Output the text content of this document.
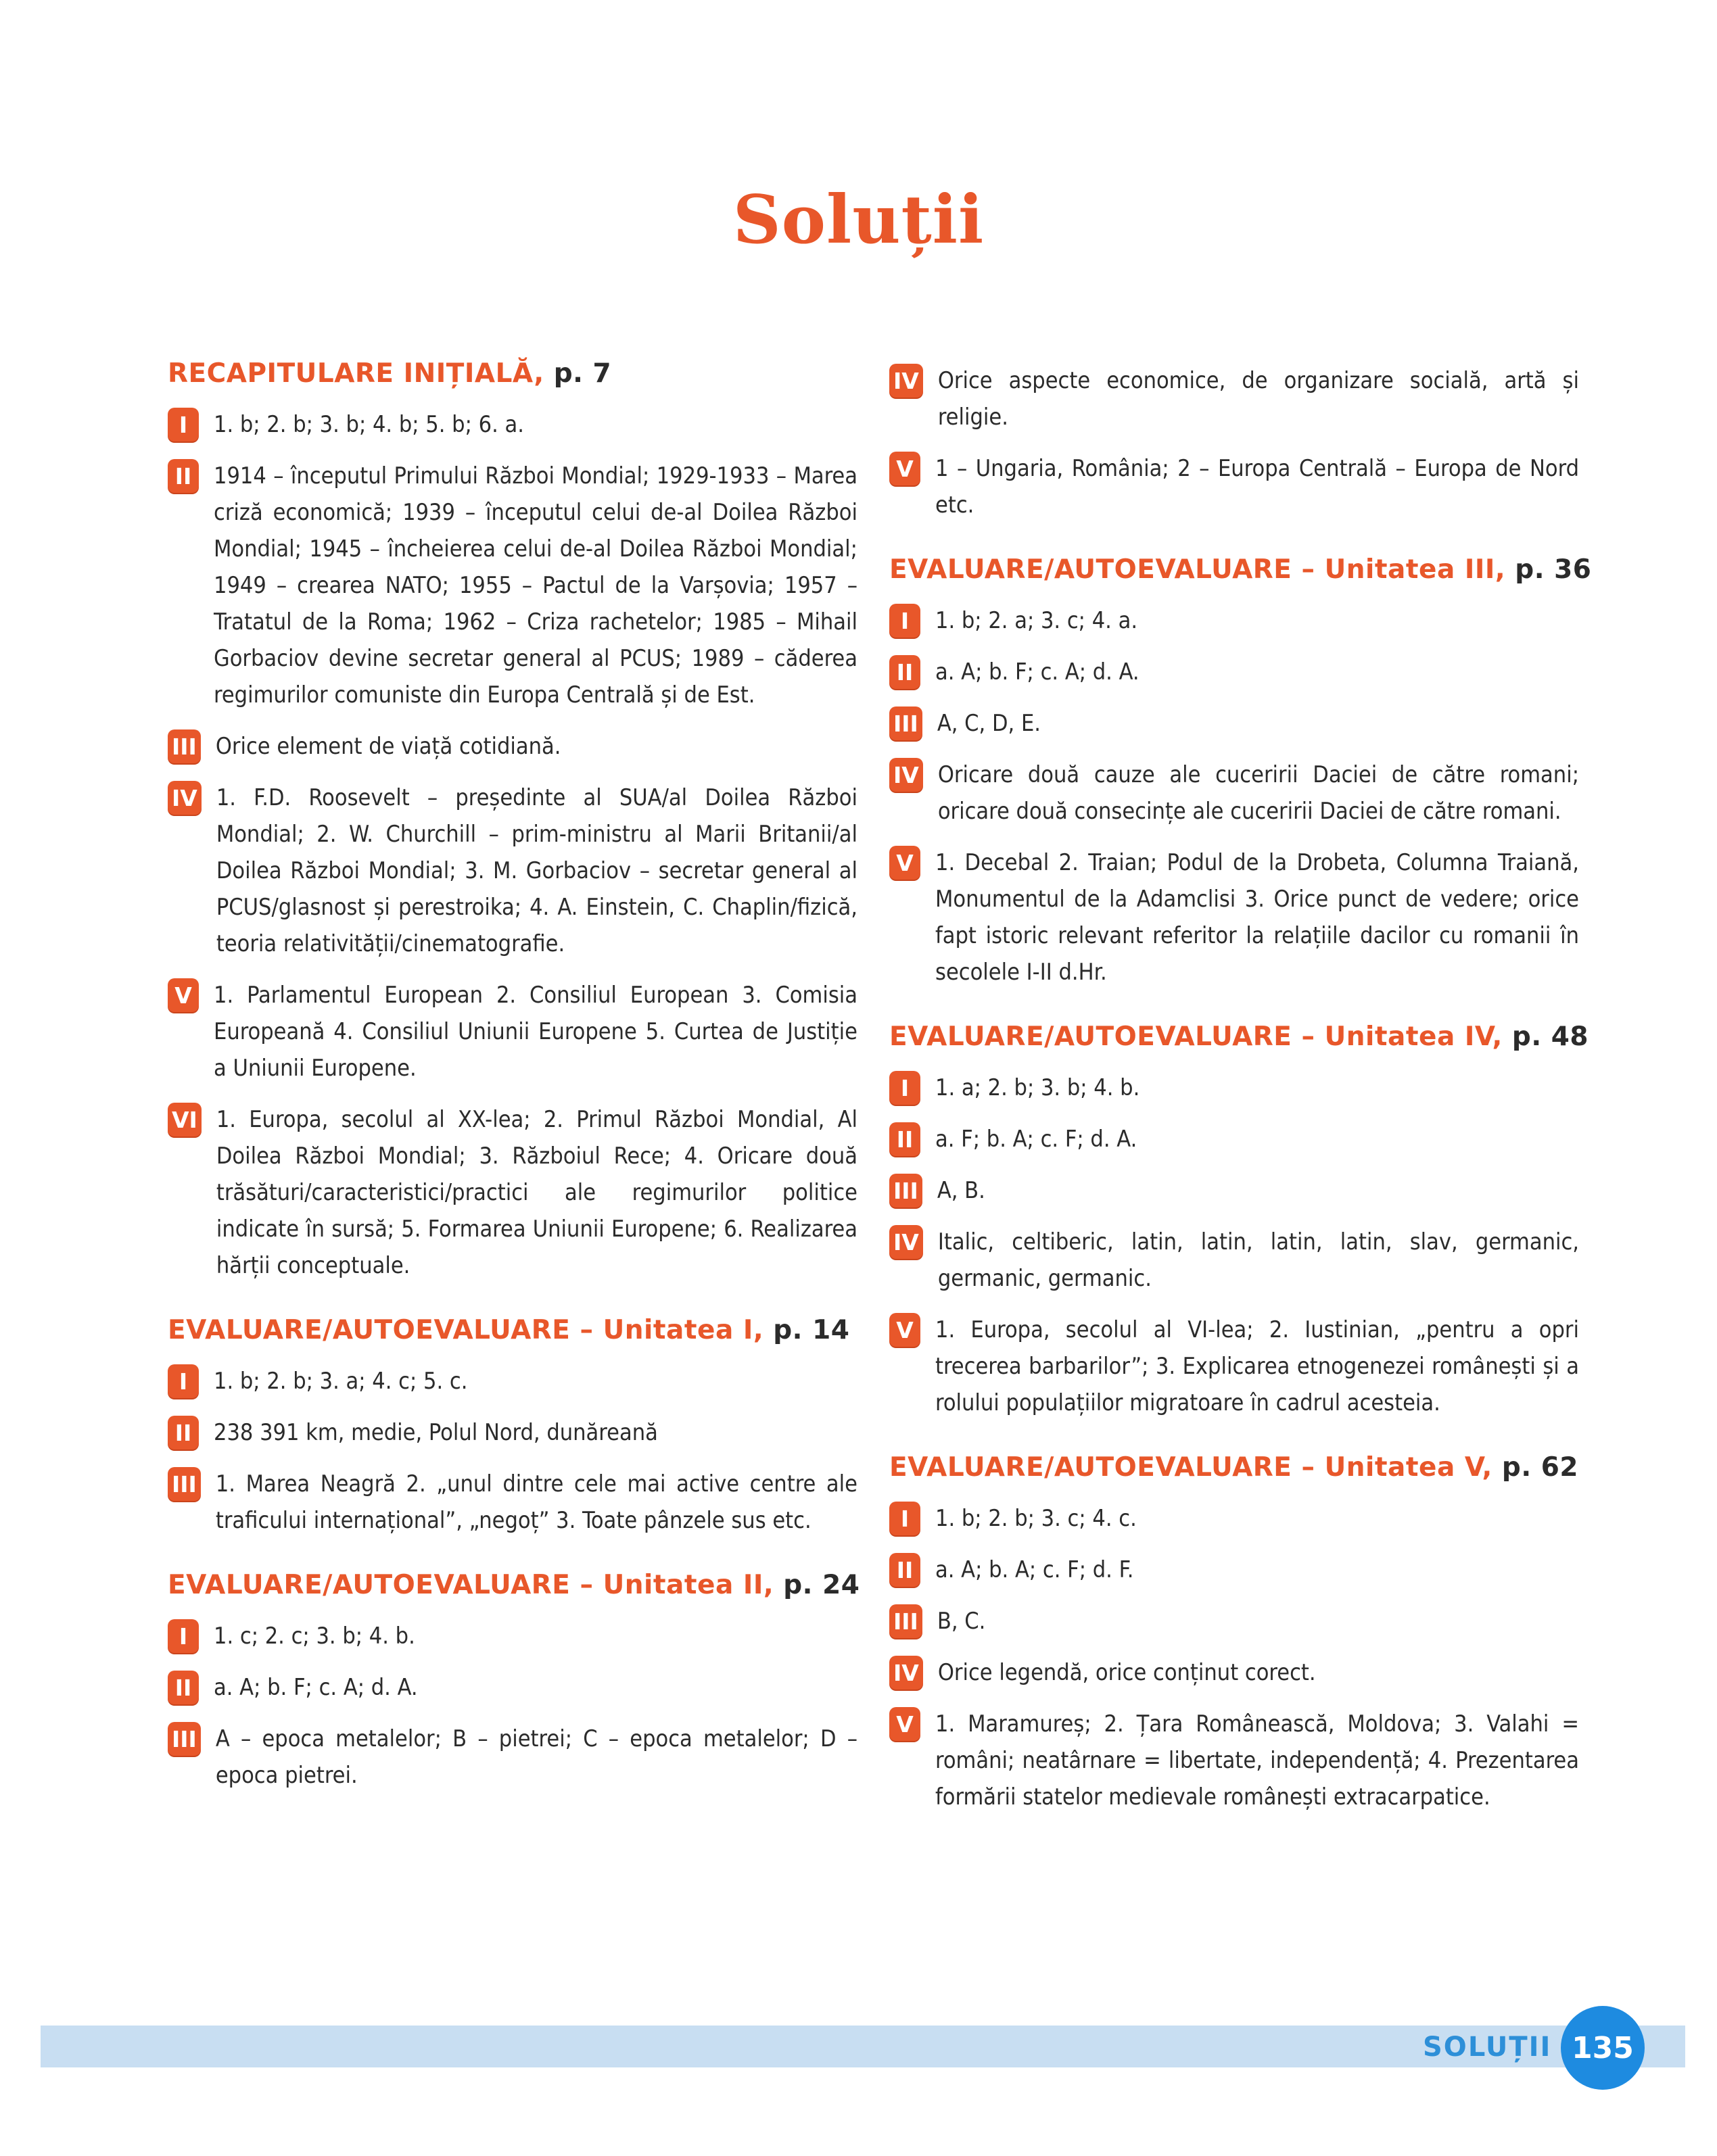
Soluții
RECAPITULARE INIȚIALĂ, p. 7
I	1. b; 2. b; 3. b; 4. b; 5. b; 6. a.
II 1914 – începutul Primului Război Mondial; 1929-1933 – Marea criză economică; 1939 – începutul celui de-al Doilea Război Mondial; 1945 – încheierea celui de-al Doilea Război Mondial; 1949 – crearea NATO; 1955 – Pactul de la Varșovia; 1957 – Tratatul de la Roma; 1962 – Criza rachetelor; 1985 – Mihail Gorbaciov devine secretar general al PCUS; 1989 – căderea regimurilor comuniste din Europa Centrală și de Est.
III Orice element de viață cotidiană.
IV 1. F.D. Roosevelt – președinte al SUA/al Doilea Război Mondial; 2. W. Churchill – prim-ministru al Marii Britanii/al Doilea Război Mondial; 3. M. Gorbaciov – secretar general al PCUS/glasnost și perestroika; 4. A. Einstein, C. Chaplin/fizică, teoria relativității/cinematografie.
V 1. Parlamentul European 2. Consiliul European 3. Comisia Europeană 4. Consiliul Uniunii Europene 5. Curtea de Justiție a Uniunii Europene.
VI 1. Europa, secolul al XX-lea; 2. Primul Război Mondial, Al Doilea Război Mondial; 3. Războiul Rece; 4. Oricare două trăsături/caracteristici/practici ale regimurilor politice indicate în sursă; 5. Formarea Uniunii Europene; 6. Realizarea hărții conceptuale.
EVALUARE/AUTOEVALUARE – Unitatea I, p. 14
I	1. b; 2. b; 3. a; 4. c; 5. c.
II 238 391 km, medie, Polul Nord, dunăreană
III 1. Marea Neagră 2. „unul dintre cele mai active centre ale traficului internațional”, „negoț” 3. Toate pânzele sus etc.
EVALUARE/AUTOEVALUARE – Unitatea II, p. 24
I	1. c; 2. c; 3. b; 4. b.
II a. A; b. F; c. A; d. A.
III A – epoca metalelor; B – pietrei; C – epoca metalelor; D – epoca pietrei.
IV Orice aspecte economice, de organizare socială, artă și religie.
V 1 – Ungaria, România; 2 – Europa Centrală – Europa de Nord etc.
EVALUARE/AUTOEVALUARE – Unitatea III, p. 36
I	1. b; 2. a; 3. c; 4. a.
II a. A; b. F; c. A; d. A.
III A, C, D, E.
IV Oricare două cauze ale cuceririi Daciei de către romani; oricare două consecințe ale cuceririi Daciei de către romani.
V 1. Decebal 2. Traian; Podul de la Drobeta, Columna Traiană, Monumentul de la Adamclisi 3. Orice punct de vedere; orice fapt istoric relevant referitor la relațiile dacilor cu romanii în secolele I-II d.Hr.
EVALUARE/AUTOEVALUARE – Unitatea IV, p. 48
I	1. a; 2. b; 3. b; 4. b.
II a. F; b. A; c. F; d. A.
III A, B.
IV Italic, celtiberic, latin, latin, latin, latin, slav, germanic, germanic, germanic.
V 1. Europa, secolul al VI-lea; 2. Iustinian, „pentru a opri trecerea barbarilor”; 3. Explicarea etnogenezei românești și a rolului populațiilor migratoare în cadrul acesteia.
EVALUARE/AUTOEVALUARE – Unitatea V, p. 62
I	1. b; 2. b; 3. c; 4. c.
II a. A; b. A; c. F; d. F.
III B, C.
IV Orice legendă, orice conținut corect.
V 1. Maramureș; 2. Țara Românească, Moldova; 3. Valahi = români; neatârnare = libertate, independență; 4. Prezentarea formării statelor medievale românești extracarpatice.
SOLUȚII 135
